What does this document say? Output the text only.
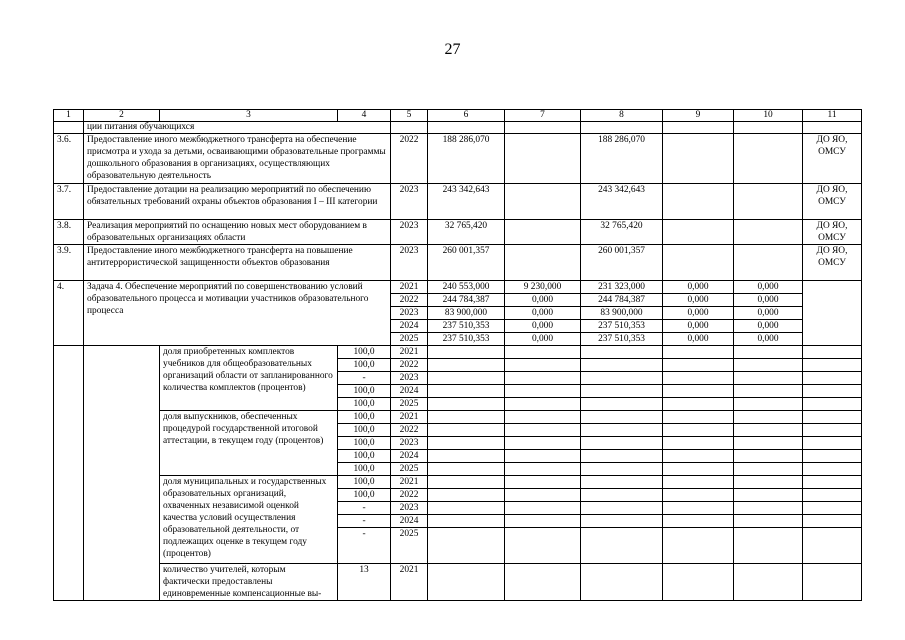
27
1	2	3	4	5	6	7	8	9	10	11
	ции питания обучающихся									
3.6.	Предоставление иного межбюджетного трансферта на обеспечение присмотра и ухода за детьми, осваивающими образовательные программы дошкольного образования в организациях, осуществляющих образовательную деятельность			2022	188 286,070		188 286,070			ДО ЯО, ОМСУ
3.7.	Предоставление дотации на реализацию мероприятий по обеспечению обязательных требований охраны объектов образования I – III категории			2023	243 342,643		243 342,643			ДО ЯО, ОМСУ
3.8.	Реализация мероприятий по оснащению новых мест оборудованием в образовательных организациях области			2023	32 765,420		32 765,420			ДО ЯО, ОМСУ
3.9.	Предоставление иного межбюджетного трансферта на повышение антитеррористической защищенности объектов образования			2023	260 001,357		260 001,357			ДО ЯО, ОМСУ
4.	Задача 4. Обеспечение мероприятий по совершенствованию условий образовательного процесса и мотивации участников образовательного процесса			2021	240 553,000	9 230,000	231 323,000	0,000	0,000	
				2022	244 784,387	0,000	244 784,387	0,000	0,000	
				2023	83 900,000	0,000	83 900,000	0,000	0,000	
				2024	237 510,353	0,000	237 510,353	0,000	0,000	
				2025	237 510,353	0,000	237 510,353	0,000	0,000	
		доля приобретенных комплектов учебников для общеобразовательных организаций области от запланированного количества комплектов (процентов)	100,0	2021						
			100,0	2022						
			-	2023						
			100,0	2024						
			100,0	2025						
		доля выпускников, обеспеченных процедурой государственной итоговой аттестации, в текущем году (процентов)	100,0	2021						
			100,0	2022						
			100,0	2023						
			100,0	2024						
			100,0	2025						
		доля муниципальных и государственных образовательных организаций, охваченных независимой оценкой качества условий осуществления образовательной деятельности, от подлежащих оценке в текущем году (процентов)	100,0	2021						
			100,0	2022						
			-	2023						
			-	2024						
			-	2025						
		количество учителей, которым фактически предоставлены единовременные компенсационные вы-	13	2021						
